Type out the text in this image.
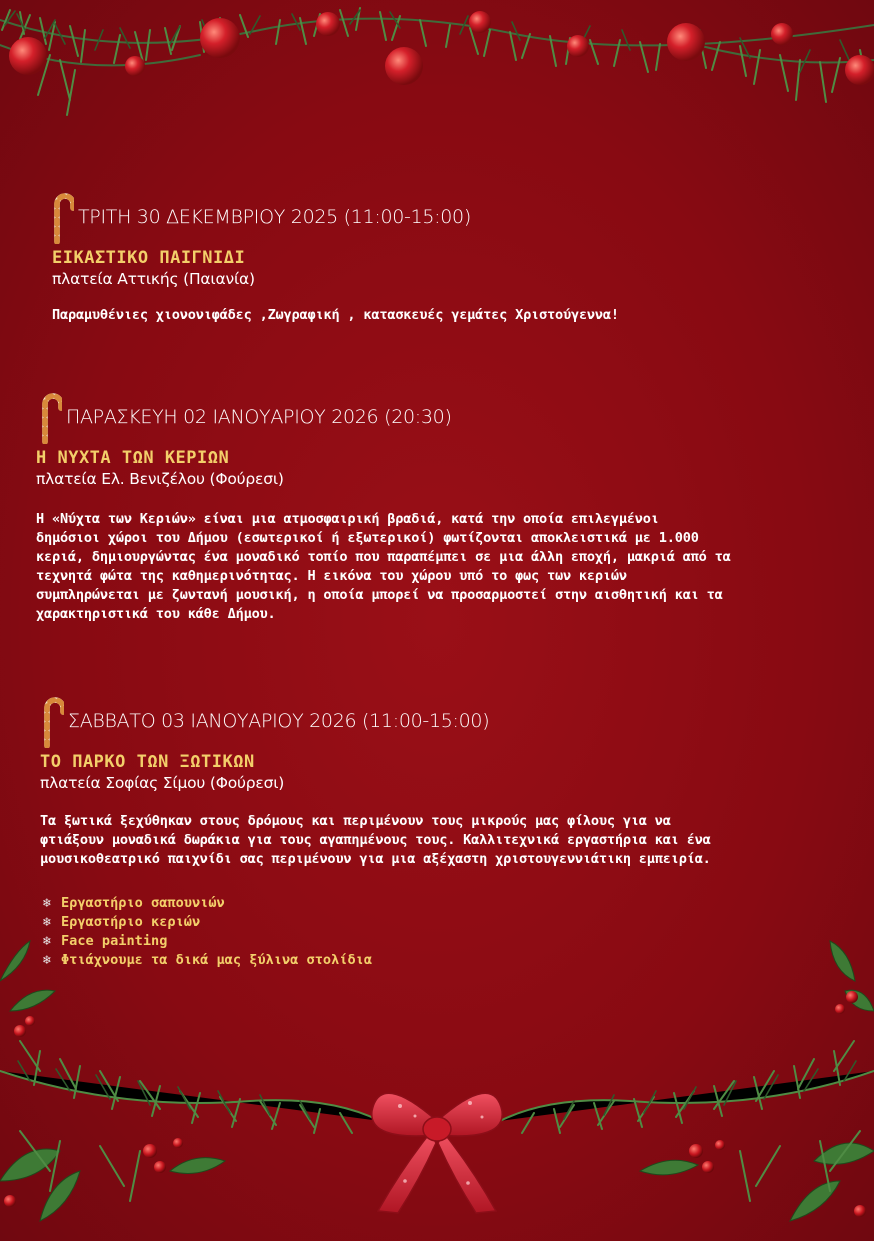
ΤΡΙΤΗ 30 ΔΕΚΕΜΒΡΙΟΥ 2025 (11:00-15:00)
ΕΙΚΑΣΤΙΚΟ ΠΑΙΓΝΙΔΙ
πλατεία Αττικής (Παιανία)
Παραμυθένιες χιονονιφάδες ,Ζωγραφική , κατασκευές γεμάτες Χριστούγεννα!
ΠΑΡΑΣΚΕΥΗ 02 ΙΑΝΟΥΑΡΙΟΥ 2026 (20:30)
Η ΝΥΧΤΑ ΤΩΝ ΚΕΡΙΩΝ
πλατεία Ελ. Βενιζέλου (Φούρεσι)
Η «Νύχτα των Κεριών» είναι μια ατμοσφαιρική βραδιά, κατά την οποία επιλεγμένοι
δημόσιοι χώροι του Δήμου (εσωτερικοί ή εξωτερικοί) φωτίζονται αποκλειστικά με 1.000
κεριά, δημιουργώντας ένα μοναδικό τοπίο που παραπέμπει σε μια άλλη εποχή, μακριά από τα
τεχνητά φώτα της καθημερινότητας. Η εικόνα του χώρου υπό το φως των κεριών
συμπληρώνεται με ζωντανή μουσική, η οποία μπορεί να προσαρμοστεί στην αισθητική και τα
χαρακτηριστικά του κάθε Δήμου.
ΣΑΒΒΑΤΟ 03 ΙΑΝΟΥΑΡΙΟΥ 2026 (11:00-15:00)
ΤΟ ΠΑΡΚΟ ΤΩΝ ΞΩΤΙΚΩΝ
πλατεία Σοφίας Σίμου (Φούρεσι)
Τα ξωτικά ξεχύθηκαν στους δρόμους και περιμένουν τους μικρούς μας φίλους για να
φτιάξουν μοναδικά δωράκια για τους αγαπημένους τους. Καλλιτεχνικά εργαστήρια και ένα
μουσικοθεατρικό παιχνίδι σας περιμένουν για μια αξέχαστη χριστουγεννιάτικη εμπειρία.
❄ Εργαστήριο σαπουνιών
❄ Εργαστήριο κεριών
❄ Face painting
❄ Φτιάχνουμε τα δικά μας ξύλινα στολίδια
